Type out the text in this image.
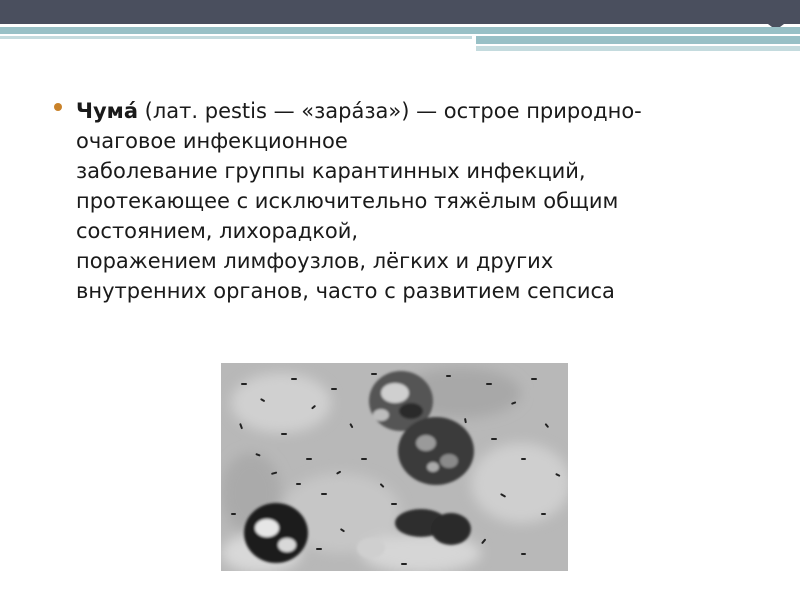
Чума́ (лат. pestis — «зара́за») — острое природно-
очаговое инфекционное
заболевание группы карантинных инфекций,
протекающее с исключительно тяжёлым общим
состоянием, лихорадкой,
поражением лимфоузлов, лёгких и других
внутренних органов, часто с развитием сепсиса
